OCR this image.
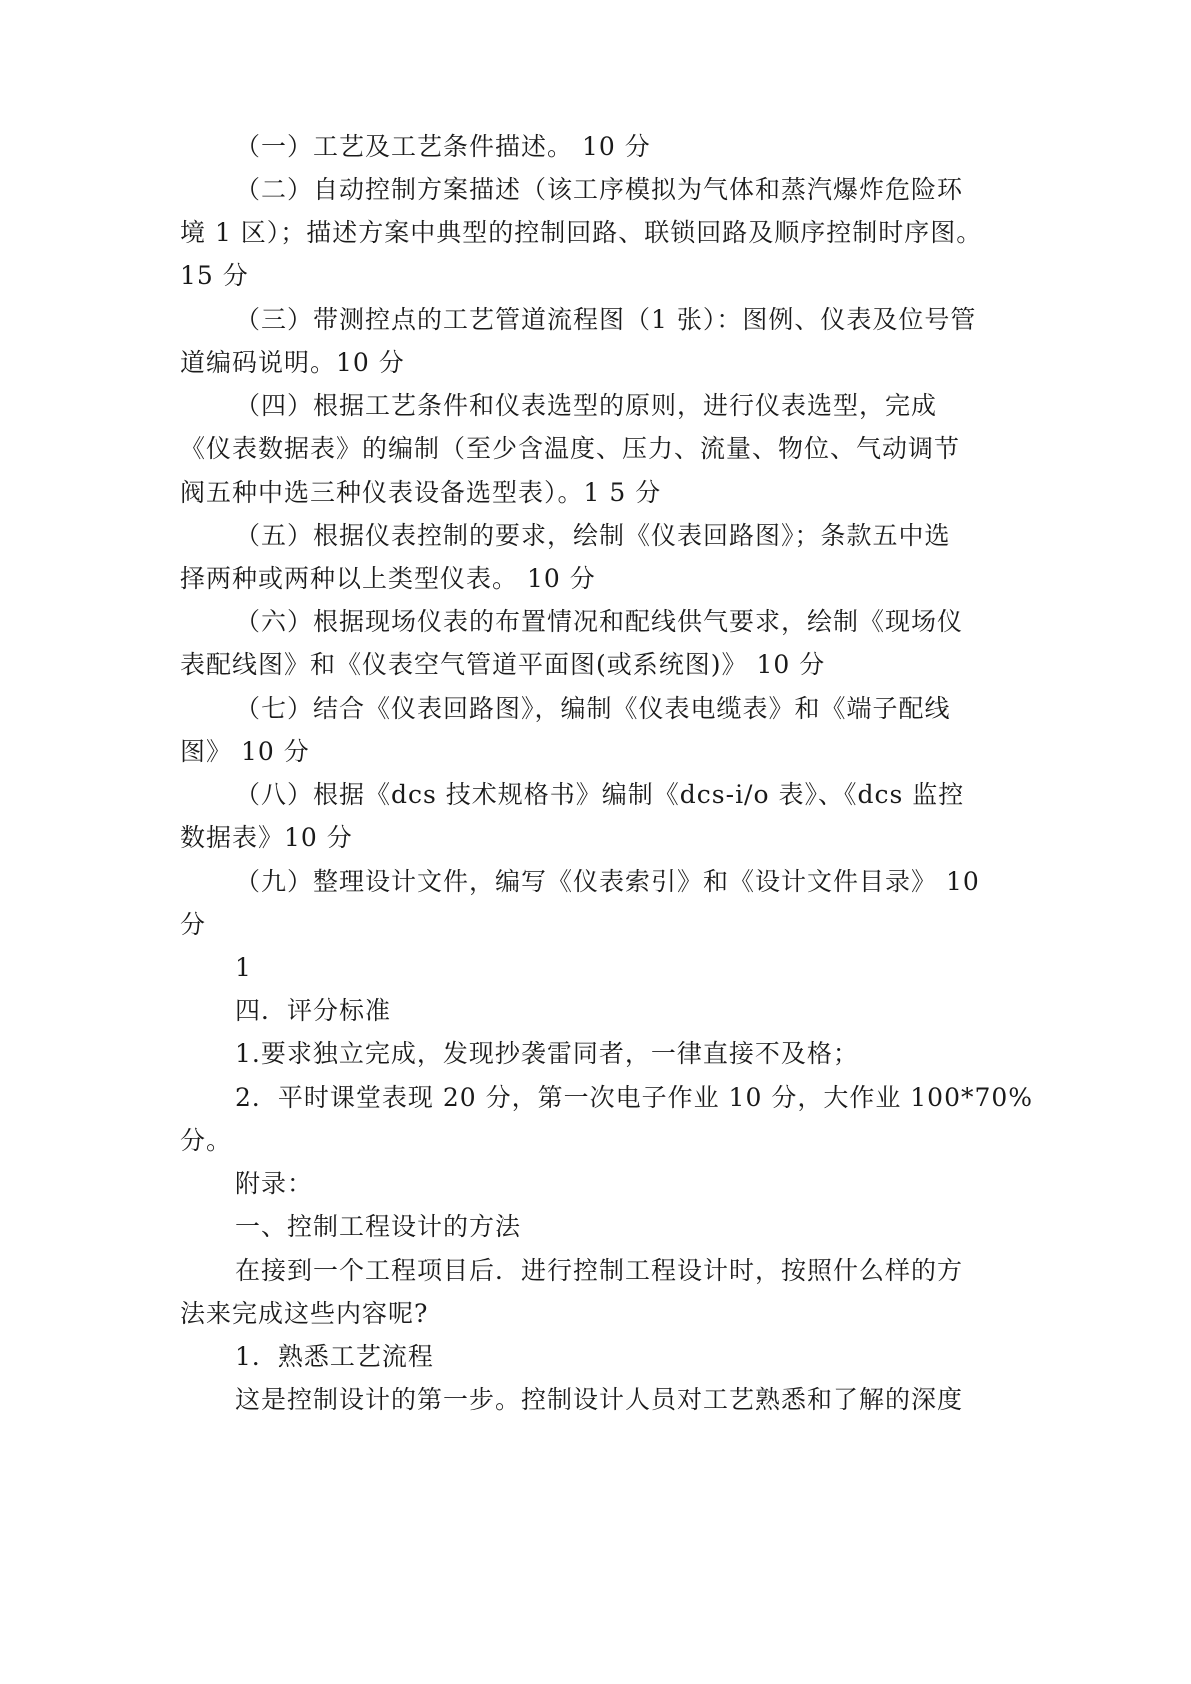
（一）工艺及工艺条件描述。 10 分
（二）自动控制方案描述（该工序模拟为气体和蒸汽爆炸危险环
境 1 区）；描述方案中典型的控制回路、联锁回路及顺序控制时序图。
15 分
（三）带测控点的工艺管道流程图（1 张）：图例、仪表及位号管
道编码说明。10 分
（四）根据工艺条件和仪表选型的原则，进行仪表选型，完成
《仪表数据表》的编制（至少含温度、压力、流量、物位、气动调节
阀五种中选三种仪表设备选型表）。1 5 分
（五）根据仪表控制的要求，绘制《仪表回路图》；条款五中选
择两种或两种以上类型仪表。 10 分
（六）根据现场仪表的布置情况和配线供气要求，绘制《现场仪
表配线图》和《仪表空气管道平面图(或系统图)》 10 分
（七）结合《仪表回路图》，编制《仪表电缆表》和《端子配线
图》 10 分
（八）根据《dcs 技术规格书》编制《dcs-i/o 表》、《dcs 监控
数据表》10 分
（九）整理设计文件，编写《仪表索引》和《设计文件目录》 10
分
1
四．评分标准
1.要求独立完成，发现抄袭雷同者，一律直接不及格；
2．平时课堂表现 20 分，第一次电子作业 10 分，大作业 100*70%
分。
附录：
一、控制工程设计的方法
在接到一个工程项目后．进行控制工程设计时，按照什么样的方
法来完成这些内容呢?
1．熟悉工艺流程
这是控制设计的第一步。控制设计人员对工艺熟悉和了解的深度
